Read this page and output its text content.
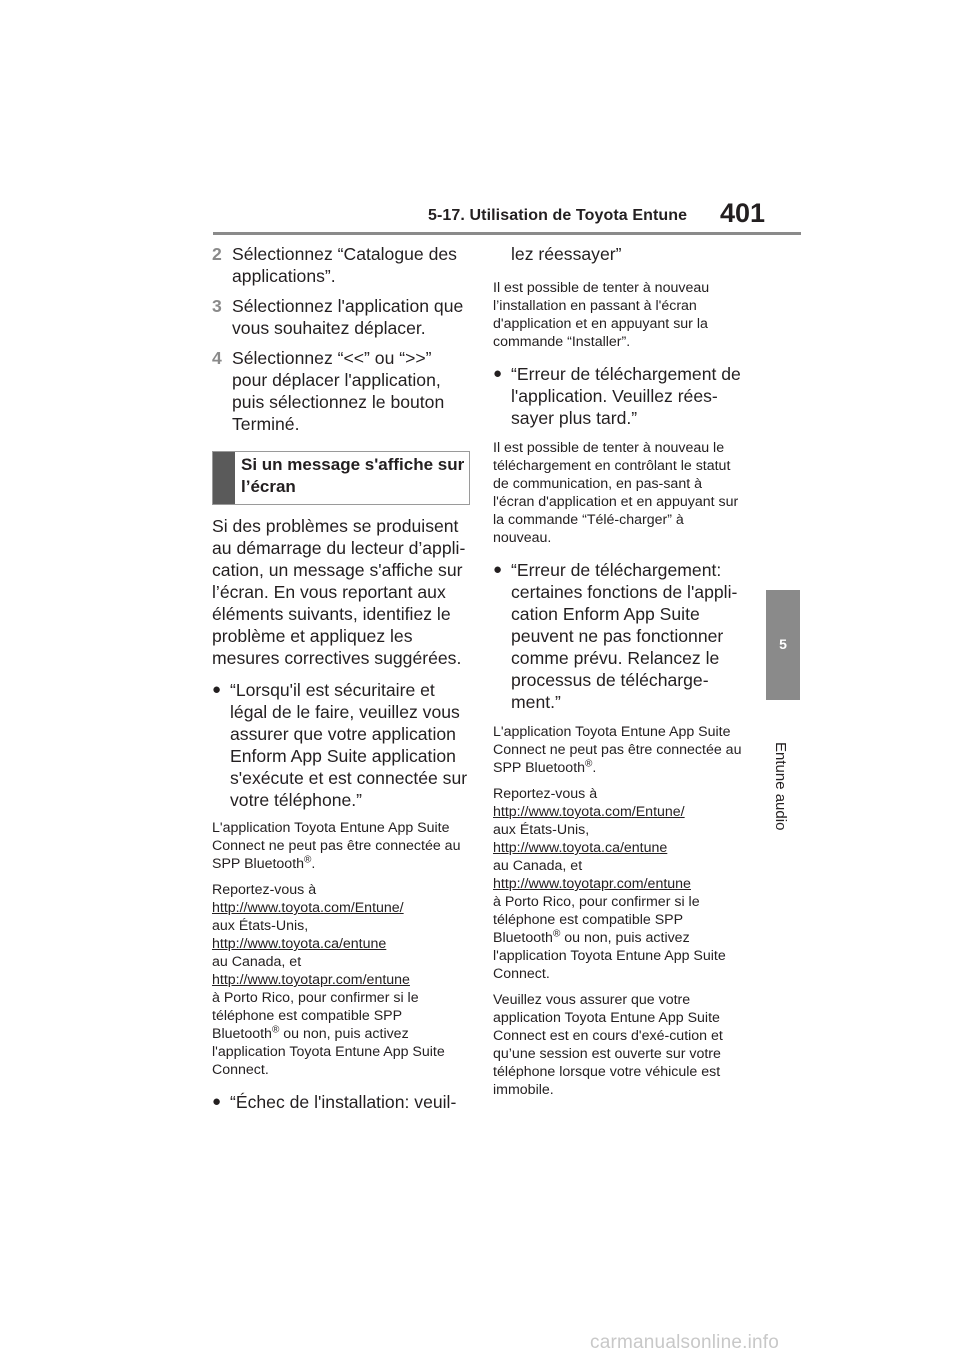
5-17. Utilisation de Toyota Entune 401
5
Entune audio
2 Sélectionnez “Catalogue des applications”.
3 Sélectionnez l'application que vous souhaitez déplacer.
4 Sélectionnez “<<” ou “>>” pour déplacer l'application, puis sélectionnez le bouton Terminé.
Si un message s'affiche sur l’écran

Si des problèmes se produisent au démarrage du lecteur d’appli-cation, un message s'affiche sur l’écran. En vous reportant aux éléments suivants, identifiez le problème et appliquez les mesures correctives suggérées.

● “Lorsqu'il est sécuritaire et légal de le faire, veuillez vous assurer que votre application Enform App Suite application s'exécute et est connectée sur votre téléphone.”

L'application Toyota Entune App Suite Connect ne peut pas être connectée au SPP Bluetooth®.

Reportez-vous à
http://www.toyota.com/Entune/
aux États-Unis,
http://www.toyota.ca/entune
au Canada, et
http://www.toyotapr.com/entune
à Porto Rico, pour confirmer si le téléphone est compatible SPP Bluetooth® ou non, puis activez l'application Toyota Entune App Suite Connect.

● “Échec de l'installation: veuil-
lez réessayer”

Il est possible de tenter à nouveau l’installation en passant à l'écran d'application et en appuyant sur la commande “Installer”.

● “Erreur de téléchargement de l'application. Veuillez rées-sayer plus tard.”

Il est possible de tenter à nouveau le téléchargement en contrôlant le statut de communication, en pas-sant à l'écran d'application et en appuyant sur la commande “Télé-charger” à nouveau.

● “Erreur de téléchargement: certaines fonctions de l'appli-cation Enform App Suite peuvent ne pas fonctionner comme prévu. Relancez le processus de télécharge-ment.”

L'application Toyota Entune App Suite Connect ne peut pas être connectée au SPP Bluetooth®.

Reportez-vous à
http://www.toyota.com/Entune/
aux États-Unis,
http://www.toyota.ca/entune
au Canada, et
http://www.toyotapr.com/entune
à Porto Rico, pour confirmer si le téléphone est compatible SPP Bluetooth® ou non, puis activez l'application Toyota Entune App Suite Connect.

Veuillez vous assurer que votre application Toyota Entune App Suite Connect est en cours d'exé-cution et qu’une session est ouverte sur votre téléphone lorsque votre véhicule est immobile.

carmanualsonline.info
